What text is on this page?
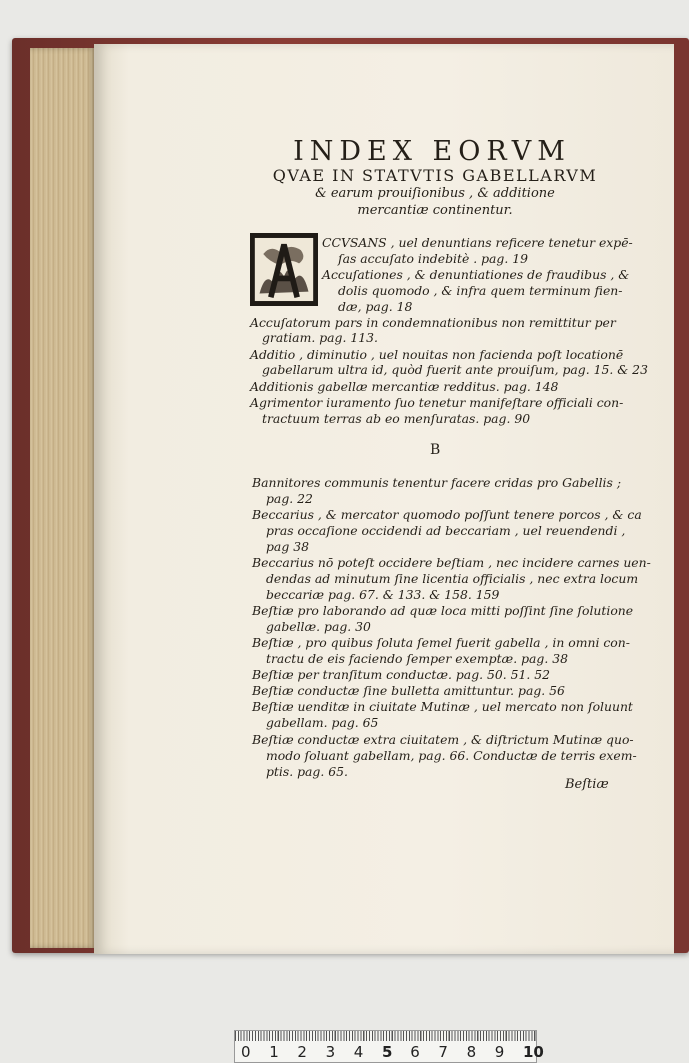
INDEX EORVM
QVAE IN STATVTIS GABELLARVM
& earum prouiſionibus , & additione
mercantiæ continentur.
CCVSANS , uel denuntians reficere tenetur expē-
ſas accuſato indebitè . pag. 19
Accuſationes , & denuntiationes de fraudibus , &
dolis quomodo , & infra quem terminum fien-
dæ, pag. 18
Accuſatorum pars in condemnationibus non remittitur per
gratiam. pag. 113.
Additio , diminutio , uel nouitas non facienda poſt locationē
gabellarum ultra id, quòd fuerit ante prouiſum, pag. 15. & 23
Additionis gabellæ mercantiæ redditus. pag. 148
Agrimentor iuramento ſuo tenetur manifeſtare officiali con-
tractuum terras ab eo menſuratas. pag. 90
B
Bannitores communis tenentur facere cridas pro Gabellis ;
pag. 22
Beccarius , & mercator quomodo poſſunt tenere porcos , & ca
pras occaſione occidendi ad beccariam , uel reuendendi ,
pag 38
Beccarius nō poteſt occidere beſtiam , nec incidere carnes uen-
dendas ad minutum ſine licentia officialis , nec extra locum
beccariæ pag. 67. & 133. & 158. 159
Beſtiæ pro laborando ad quæ loca mitti poſſint ſine ſolutione
gabellæ. pag. 30
Beſtiæ , pro quibus ſoluta ſemel fuerit gabella , in omni con-
tractu de eis faciendo ſemper exemptæ. pag. 38
Beſtiæ per tranſitum conductæ. pag. 50. 51. 52
Beſtiæ conductæ ſine bulletta amittuntur. pag. 56
Beſtiæ uenditæ in ciuitate Mutinæ , uel mercato non ſoluunt
gabellam. pag. 65
Beſtiæ conductæ extra ciuitatem , & diſtrictum Mutinæ quo-
modo ſoluant gabellam, pag. 66. Conductæ de terris exem-
ptis. pag. 65.
Beſtiæ
0 1 2 3 4 5 6 7 8 9 10
